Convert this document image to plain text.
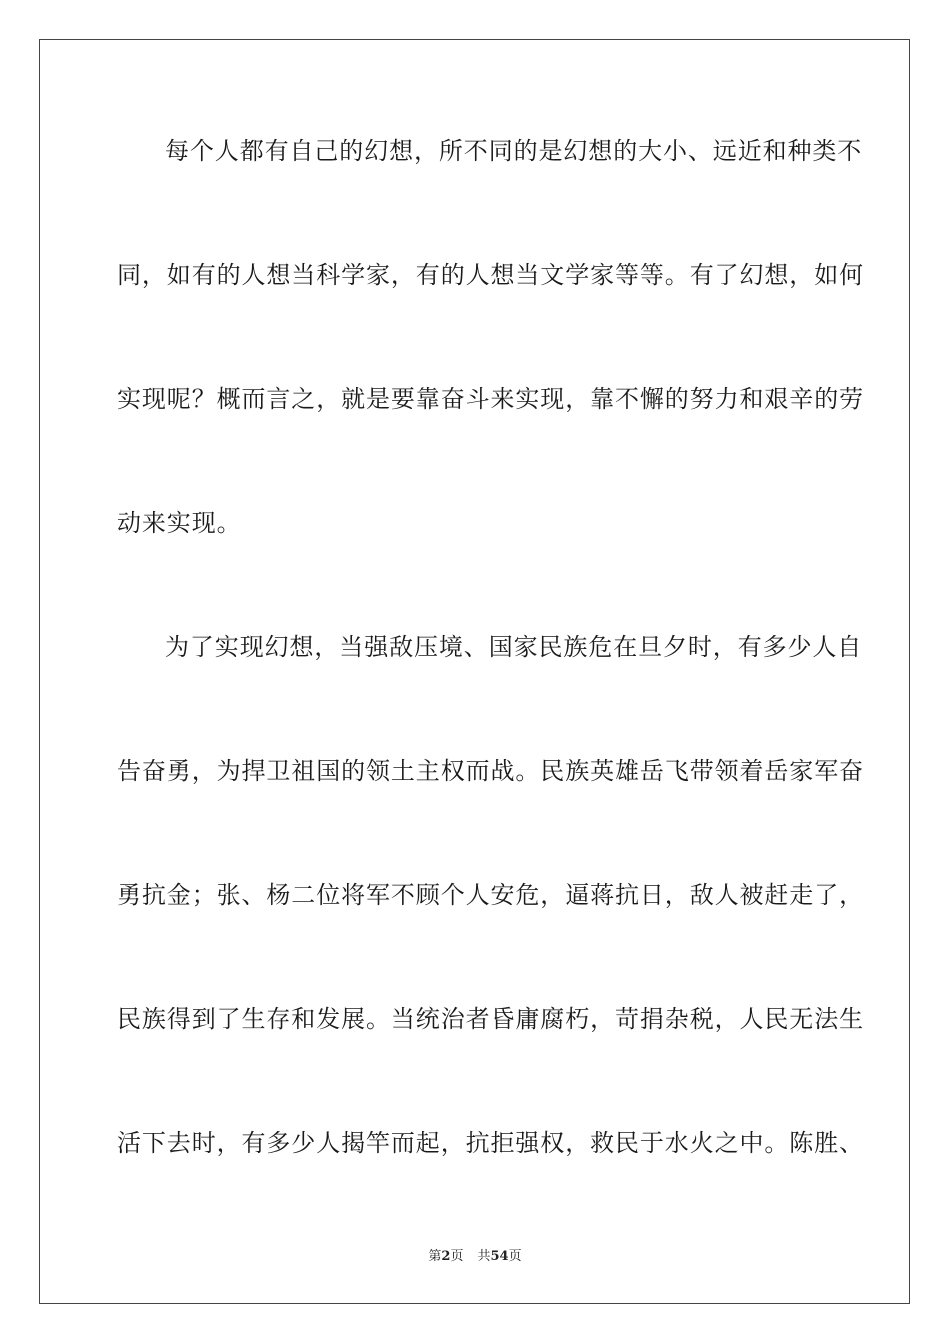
每个人都有自己的幻想，所不同的是幻想的大小、远近和种类不

同，如有的人想当科学家，有的人想当文学家等等。有了幻想，如何

实现呢？概而言之，就是要靠奋斗来实现，靠不懈的努力和艰辛的劳

动来实现。

为了实现幻想，当强敌压境、国家民族危在旦夕时，有多少人自

告奋勇，为捍卫祖国的领土主权而战。民族英雄岳飞带领着岳家军奋

勇抗金；张、杨二位将军不顾个人安危，逼蒋抗日，敌人被赶走了，

民族得到了生存和发展。当统治者昏庸腐朽，苛捐杂税，人民无法生

活下去时，有多少人揭竿而起，抗拒强权，救民于水火之中。陈胜、

第2页 共54页
